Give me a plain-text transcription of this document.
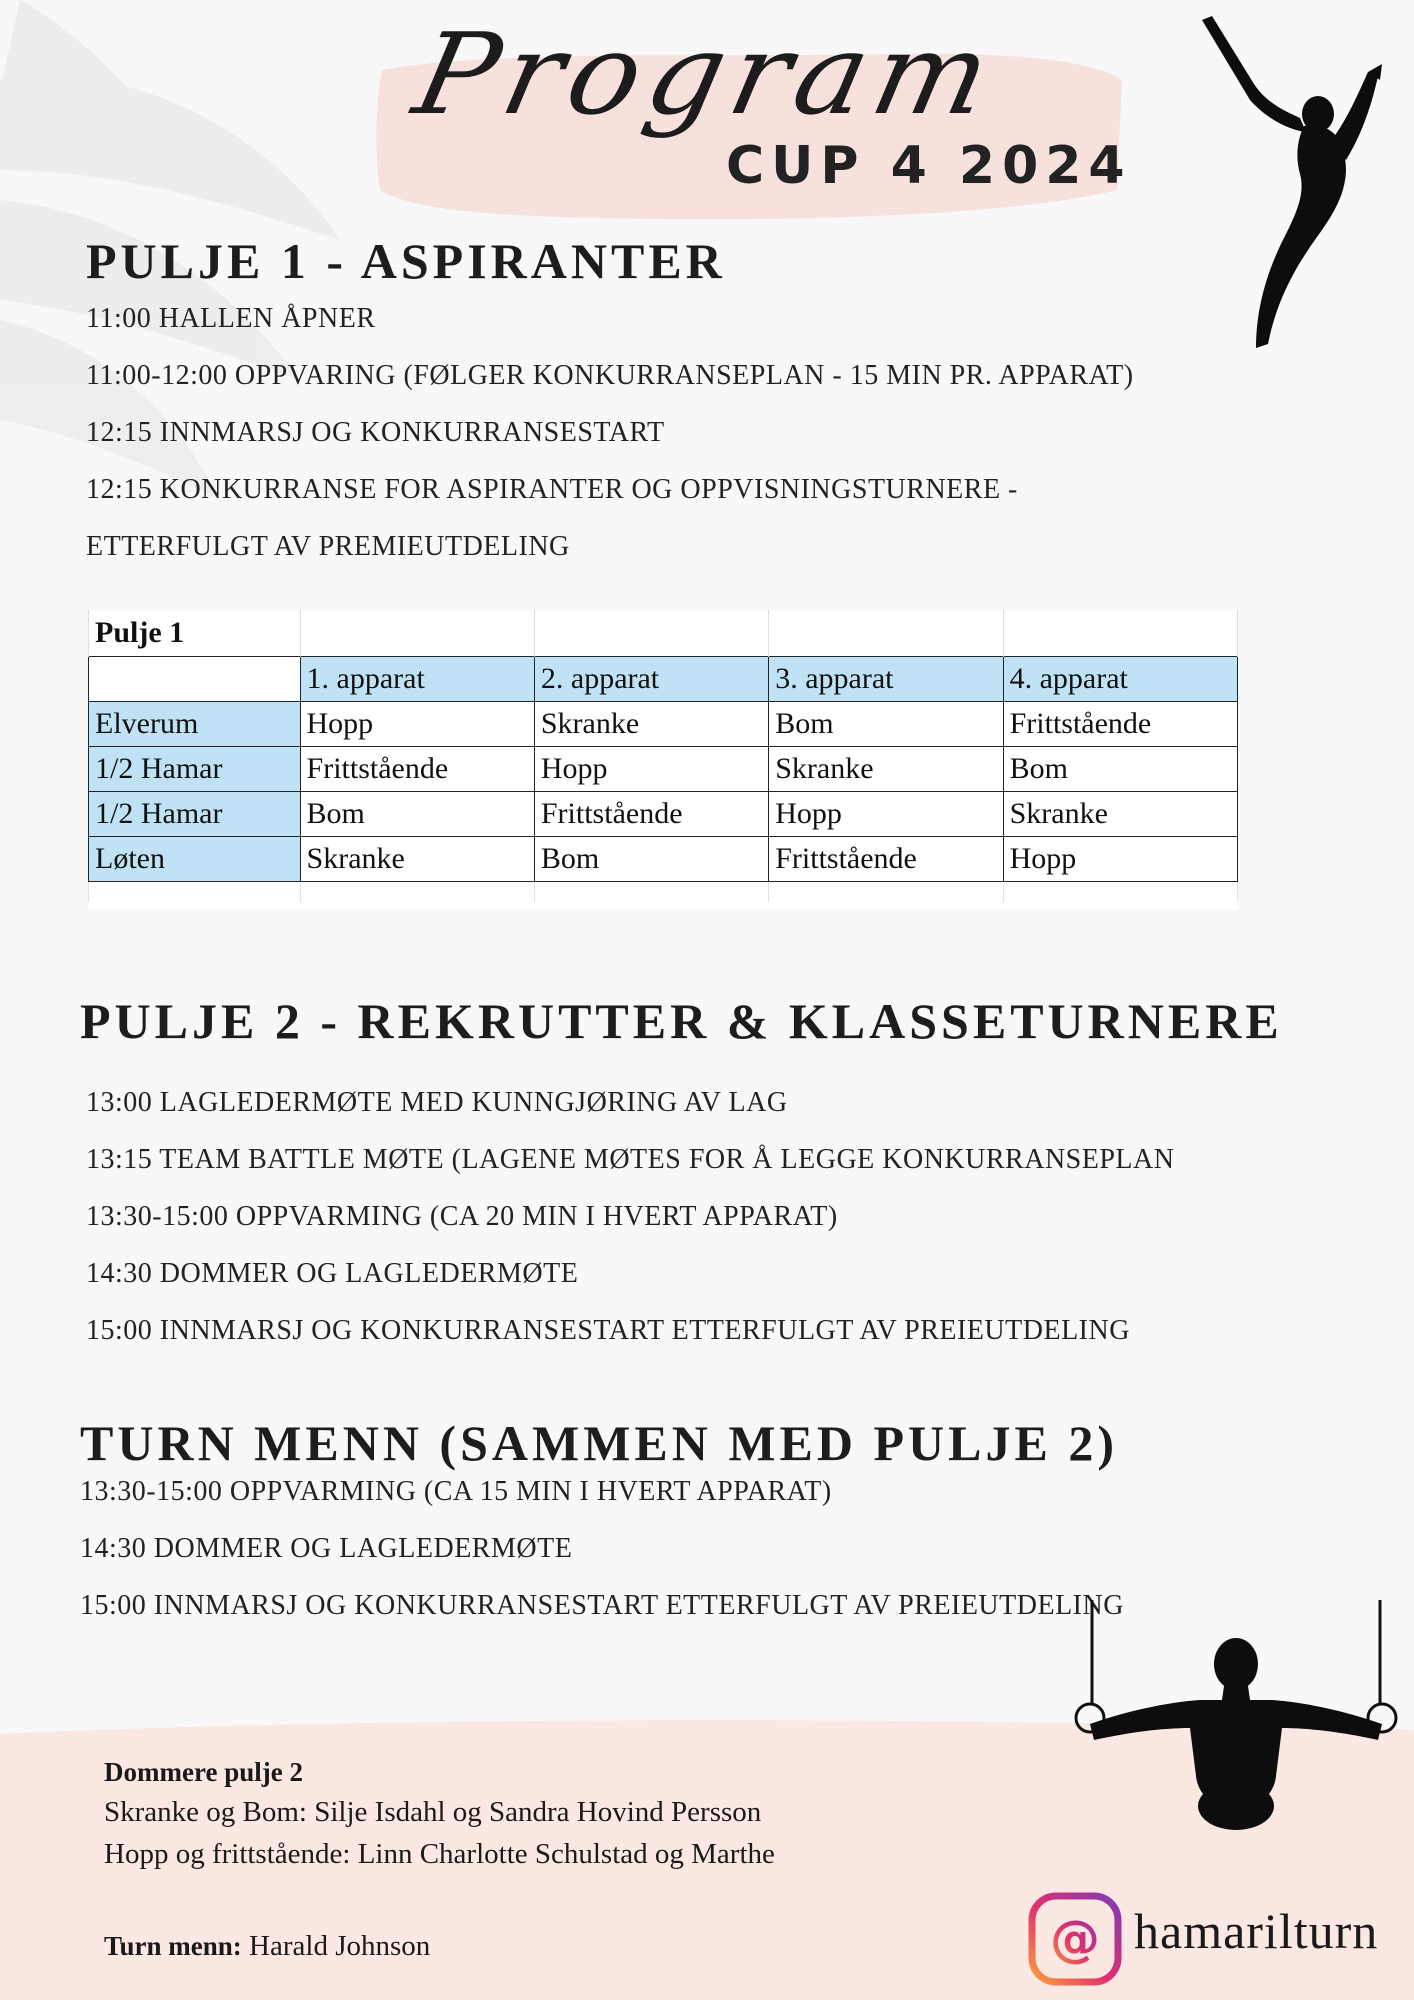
Program

CUP 4 2024

PULJE 1 - ASPIRANTER

11:00 HALLEN ÅPNER

11:00-12:00 OPPVARING (FØLGER KONKURRANSEPLAN - 15 MIN PR. APPARAT)

12:15 INNMARSJ OG KONKURRANSESTART

12:15 KONKURRANSE FOR ASPIRANTER OG OPPVISNINGSTURNERE -

ETTERFULGT AV PREMIEUTDELING

Pulje 1				
	1. apparat	2. apparat	3. apparat	4. apparat
Elverum	Hopp	Skranke	Bom	Frittstående
1/2 Hamar	Frittstående	Hopp	Skranke	Bom
1/2 Hamar	Bom	Frittstående	Hopp	Skranke
Løten	Skranke	Bom	Frittstående	Hopp

PULJE 2 - REKRUTTER & KLASSETURNERE

13:00 LAGLEDERMØTE MED KUNNGJØRING AV LAG

13:15 TEAM BATTLE MØTE (LAGENE MØTES FOR Å LEGGE KONKURRANSEPLAN

13:30-15:00 OPPVARMING (CA 20 MIN I HVERT APPARAT)

14:30 DOMMER OG LAGLEDERMØTE

15:00 INNMARSJ OG KONKURRANSESTART ETTERFULGT AV PREIEUTDELING

TURN MENN (SAMMEN MED PULJE 2)

13:30-15:00 OPPVARMING (CA 15 MIN I HVERT APPARAT)

14:30 DOMMER OG LAGLEDERMØTE

15:00 INNMARSJ OG KONKURRANSESTART ETTERFULGT AV PREIEUTDELING

Dommere pulje 2

Skranke og Bom: Silje Isdahl og Sandra Hovind Persson

Hopp og frittstående: Linn Charlotte Schulstad og Marthe

Turn menn: Harald Johnson	@ hamarilturn
